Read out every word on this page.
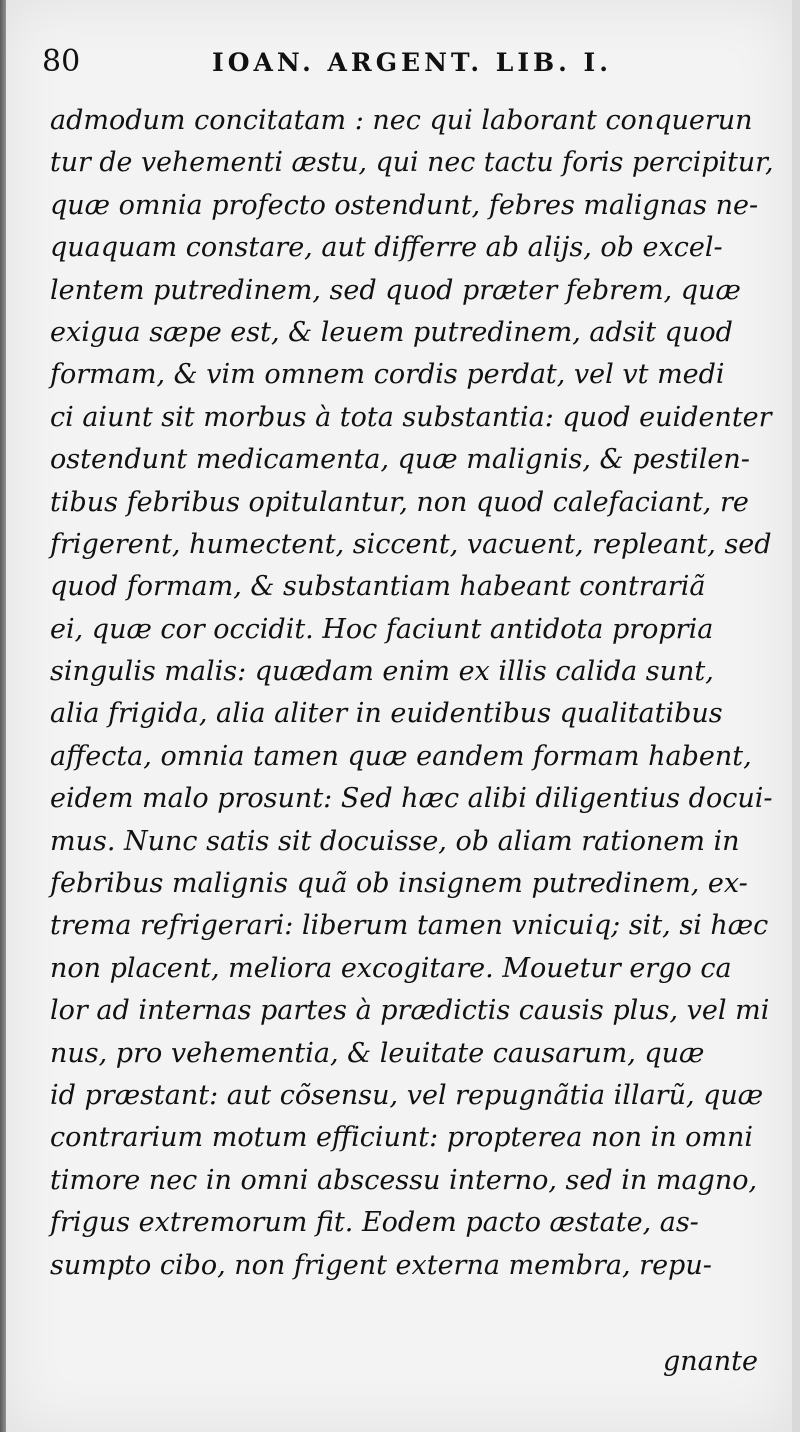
80	IOAN. ARGENT. LIB. I.
admodum concitatam : nec qui laborant conquerun
tur de vehementi æstu, qui nec tactu foris percipitur,
quæ omnia profecto ostendunt, febres malignas ne-
quaquam constare, aut differre ab alijs, ob excel-
lentem putredinem, sed quod præter febrem, quæ
exigua sæpe est, & leuem putredinem, adsit quod
formam, & vim omnem cordis perdat, vel vt medi
ci aiunt sit morbus à tota substantia: quod euidenter
ostendunt medicamenta, quæ malignis, & pestilen-
tibus febribus opitulantur, non quod calefaciant, re
frigerent, humectent, siccent, vacuent, repleant, sed
quod formam, & substantiam habeant contrariã
ei, quæ cor occidit. Hoc faciunt antidota propria
singulis malis: quædam enim ex illis calida sunt,
alia frigida, alia aliter in euidentibus qualitatibus
affecta, omnia tamen quæ eandem formam habent,
eidem malo prosunt: Sed hæc alibi diligentius docui-
mus. Nunc satis sit docuisse, ob aliam rationem in
febribus malignis quã ob insignem putredinem, ex-
trema refrigerari: liberum tamen vnicuiq; sit, si hæc
non placent, meliora excogitare. Mouetur ergo ca
lor ad internas partes à prædictis causis plus, vel mi
nus, pro vehementia, & leuitate causarum, quæ
id præstant: aut cõsensu, vel repugnãtia illarũ, quæ
contrarium motum efficiunt: propterea non in omni
timore nec in omni abscessu interno, sed in magno,
frigus extremorum fit. Eodem pacto æstate, as-
sumpto cibo, non frigent externa membra, repu-
gnante
